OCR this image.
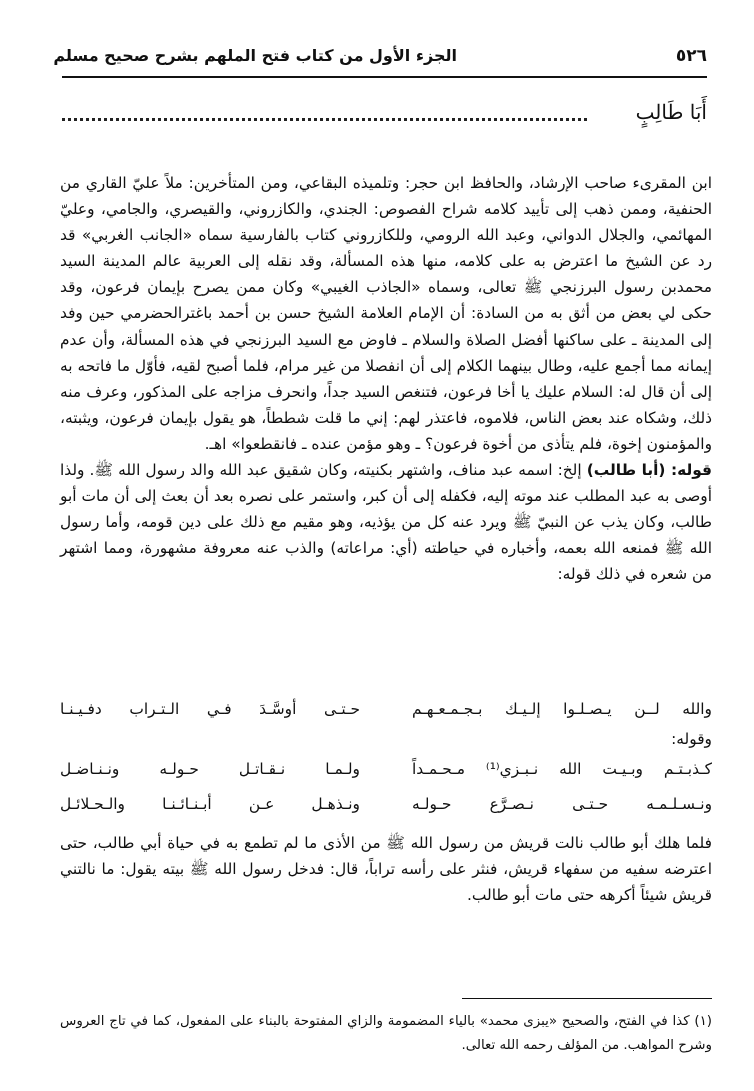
٥٢٦
الجزء الأول من كتاب فتح الملهم بشرح صحيح مسلم
أَبَا طَالِبٍ

ابن المقرىء صاحب الإرشاد، والحافظ ابن حجر: وتلميذه البقاعي، ومن المتأخرين: ملاً عليّ القاري من الحنفية، وممن ذهب إلى تأييد كلامه شراح الفصوص: الجندي، والكازروني، والقيصري، والجامي، وعليّ المهائمي، والجلال الدواني، وعبد الله الرومي، وللكازروني كتاب بالفارسية سماه «الجانب الغربي» قد رد عن الشيخ ما اعترض به على كلامه، منها هذه المسألة، وقد نقله إلى العربية عالم المدينة السيد محمدبن رسول البرزنجي ﷺ تعالى، وسماه «الجاذب الغيبي» وكان ممن يصرح بإيمان فرعون، وقد حكى لي بعض من أثق به من السادة: أن الإمام العلامة الشيخ حسن بن أحمد باغترالحضرمي حين وفد إلى المدينة ـ على ساكنها أفضل الصلاة والسلام ـ فاوض مع السيد البرزنجي في هذه المسألة، وأن عدم إيمانه مما أجمع عليه، وطال بينهما الكلام إلى أن انفصلا من غير مرام، فلما أصبح لقيه، فأوّل ما فاتحه به إلى أن قال له: السلام عليك يا أخا فرعون، فتنغص السيد جداً، وانحرف مزاجه على المذكور، وعرف منه ذلك، وشكاه عند بعض الناس، فلاموه، فاعتذر لهم: إني ما قلت شططاً، هو يقول بإيمان فرعون، ويثبته، والمؤمنون إخوة، فلم يتأذى من أخوة فرعون؟ ـ وهو مؤمن عنده ـ فانقطعوا» اهـ.

قوله: (أبا طالب) إلخ: اسمه عبد مناف، واشتهر بكنيته، وكان شقيق عبد الله والد رسول الله ﷺ. ولذا أوصى به عبد المطلب عند موته إليه، فكفله إلى أن كبر، واستمر على نصره بعد أن بعث إلى أن مات أبو طالب، وكان يذب عن النبيّ ﷺ ويرد عنه كل من يؤذيه، وهو مقيم مع ذلك على دين قومه، وأما رسول الله ﷺ فمنعه الله بعمه، وأخباره في حياطته (أي: مراعاته) والذب عنه معروفة مشهورة، ومما اشتهر من شعره في ذلك قوله:

والله لــن يـصـلـوا إلـيـك بـجـمـعـهـم
حـتـى أوسَّـدَ فـي الـتـراب دفـيـنـا
وقوله:
كـذبـتـم وبـيـت الله نـبـزي⁽¹⁾ مـحـمـداً
ولـمـا نـقـاتـل حـولـه ونـنـاضـل
ونـسـلـمـه حـتـى نـصـرَّع حـولـه
ونـذهـل عـن أبـنـائـنـا والـحـلائـل

فلما هلك أبو طالب نالت قريش من رسول الله ﷺ من الأذى ما لم تطمع به في حياة أبي طالب، حتى اعترضه سفيه من سفهاء قريش، فنثر على رأسه تراباً، قال: فدخل رسول الله ﷺ بيته يقول: ما نالتني قريش شيئاً أكرهه حتى مات أبو طالب.

(١) كذا في الفتح، والصحيح «يبزى محمد» بالياء المضمومة والزاي المفتوحة بالبناء على المفعول، كما في تاج العروس وشرح المواهب. من المؤلف رحمه الله تعالى.
